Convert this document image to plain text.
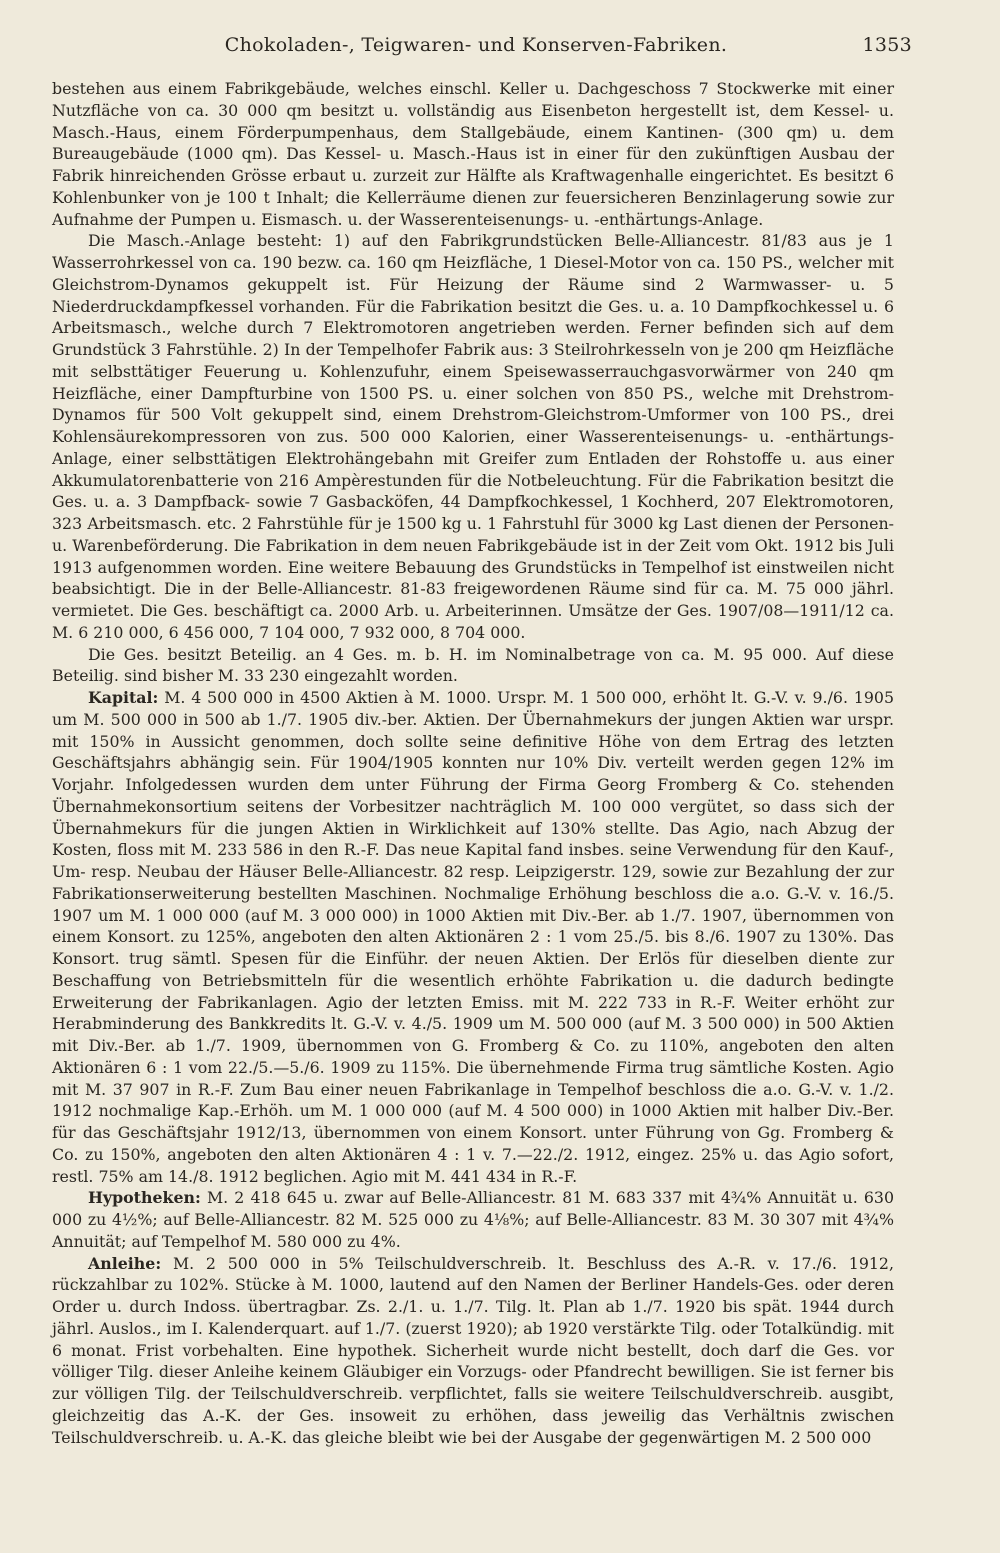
Chokoladen-, Teigwaren- und Konserven-Fabriken.	1353

bestehen aus einem Fabrikgebäude, welches einschl. Keller u. Dachgeschoss 7 Stockwerke mit einer Nutzfläche von ca. 30 000 qm besitzt u. vollständig aus Eisenbeton hergestellt ist, dem Kessel- u. Masch.-Haus, einem Förderpumpenhaus, dem Stallgebäude, einem Kantinen- (300 qm) u. dem Bureaugebäude (1000 qm). Das Kessel- u. Masch.-Haus ist in einer für den zukünftigen Ausbau der Fabrik hinreichenden Grösse erbaut u. zurzeit zur Hälfte als Kraftwagenhalle eingerichtet. Es besitzt 6 Kohlenbunker von je 100 t Inhalt; die Kellerräume dienen zur feuersicheren Benzinlagerung sowie zur Aufnahme der Pumpen u. Eismasch. u. der Wasserenteisenungs- u. -enthärtungs-Anlage.

Die Masch.-Anlage besteht: 1) auf den Fabrikgrundstücken Belle-Alliancestr. 81/83 aus je 1 Wasserrohrkessel von ca. 190 bezw. ca. 160 qm Heizfläche, 1 Diesel-Motor von ca. 150 PS., welcher mit Gleichstrom-Dynamos gekuppelt ist. Für Heizung der Räume sind 2 Warmwasser- u. 5 Niederdruckdampfkessel vorhanden. Für die Fabrikation besitzt die Ges. u. a. 10 Dampfkochkessel u. 6 Arbeitsmasch., welche durch 7 Elektromotoren angetrieben werden. Ferner befinden sich auf dem Grundstück 3 Fahrstühle. 2) In der Tempelhofer Fabrik aus: 3 Steilrohrkesseln von je 200 qm Heizfläche mit selbsttätiger Feuerung u. Kohlenzufuhr, einem Speisewasserrauchgasvorwärmer von 240 qm Heizfläche, einer Dampfturbine von 1500 PS. u. einer solchen von 850 PS., welche mit Drehstrom-Dynamos für 500 Volt gekuppelt sind, einem Drehstrom-Gleichstrom-Umformer von 100 PS., drei Kohlensäurekompressoren von zus. 500 000 Kalorien, einer Wasserenteisenungs- u. -enthärtungs-Anlage, einer selbsttätigen Elektrohängebahn mit Greifer zum Entladen der Rohstoffe u. aus einer Akkumulatorenbatterie von 216 Ampèrestunden für die Notbeleuchtung. Für die Fabrikation besitzt die Ges. u. a. 3 Dampfback- sowie 7 Gasbacköfen, 44 Dampfkochkessel, 1 Kochherd, 207 Elektromotoren, 323 Arbeitsmasch. etc. 2 Fahrstühle für je 1500 kg u. 1 Fahrstuhl für 3000 kg Last dienen der Personen- u. Warenbeförderung. Die Fabrikation in dem neuen Fabrikgebäude ist in der Zeit vom Okt. 1912 bis Juli 1913 aufgenommen worden. Eine weitere Bebauung des Grundstücks in Tempelhof ist einstweilen nicht beabsichtigt. Die in der Belle-Alliancestr. 81-83 freigewordenen Räume sind für ca. M. 75 000 jährl. vermietet. Die Ges. beschäftigt ca. 2000 Arb. u. Arbeiterinnen. Umsätze der Ges. 1907/08—1911/12 ca. M. 6 210 000, 6 456 000, 7 104 000, 7 932 000, 8 704 000.

Die Ges. besitzt Beteilig. an 4 Ges. m. b. H. im Nominalbetrage von ca. M. 95 000. Auf diese Beteilig. sind bisher M. 33 230 eingezahlt worden.

Kapital: M. 4 500 000 in 4500 Aktien à M. 1000. Urspr. M. 1 500 000, erhöht lt. G.-V. v. 9./6. 1905 um M. 500 000 in 500 ab 1./7. 1905 div.-ber. Aktien. Der Übernahmekurs der jungen Aktien war urspr. mit 150% in Aussicht genommen, doch sollte seine definitive Höhe von dem Ertrag des letzten Geschäftsjahrs abhängig sein. Für 1904/1905 konnten nur 10% Div. verteilt werden gegen 12% im Vorjahr. Infolgedessen wurden dem unter Führung der Firma Georg Fromberg & Co. stehenden Übernahmekonsortium seitens der Vorbesitzer nachträglich M. 100 000 vergütet, so dass sich der Übernahmekurs für die jungen Aktien in Wirklichkeit auf 130% stellte. Das Agio, nach Abzug der Kosten, floss mit M. 233 586 in den R.-F. Das neue Kapital fand insbes. seine Verwendung für den Kauf-, Um- resp. Neubau der Häuser Belle-Alliancestr. 82 resp. Leipzigerstr. 129, sowie zur Bezahlung der zur Fabrikationserweiterung bestellten Maschinen. Nochmalige Erhöhung beschloss die a.o. G.-V. v. 16./5. 1907 um M. 1 000 000 (auf M. 3 000 000) in 1000 Aktien mit Div.-Ber. ab 1./7. 1907, übernommen von einem Konsort. zu 125%, angeboten den alten Aktionären 2 : 1 vom 25./5. bis 8./6. 1907 zu 130%. Das Konsort. trug sämtl. Spesen für die Einführ. der neuen Aktien. Der Erlös für dieselben diente zur Beschaffung von Betriebsmitteln für die wesentlich erhöhte Fabrikation u. die dadurch bedingte Erweiterung der Fabrikanlagen. Agio der letzten Emiss. mit M. 222 733 in R.-F. Weiter erhöht zur Herabminderung des Bankkredits lt. G.-V. v. 4./5. 1909 um M. 500 000 (auf M. 3 500 000) in 500 Aktien mit Div.-Ber. ab 1./7. 1909, übernommen von G. Fromberg & Co. zu 110%, angeboten den alten Aktionären 6 : 1 vom 22./5.—5./6. 1909 zu 115%. Die übernehmende Firma trug sämtliche Kosten. Agio mit M. 37 907 in R.-F. Zum Bau einer neuen Fabrikanlage in Tempelhof beschloss die a.o. G.-V. v. 1./2. 1912 nochmalige Kap.-Erhöh. um M. 1 000 000 (auf M. 4 500 000) in 1000 Aktien mit halber Div.-Ber. für das Geschäftsjahr 1912/13, übernommen von einem Konsort. unter Führung von Gg. Fromberg & Co. zu 150%, angeboten den alten Aktionären 4 : 1 v. 7.—22./2. 1912, eingez. 25% u. das Agio sofort, restl. 75% am 14./8. 1912 beglichen. Agio mit M. 441 434 in R.-F.

Hypotheken: M. 2 418 645 u. zwar auf Belle-Alliancestr. 81 M. 683 337 mit 4¾% Annuität u. 630 000 zu 4½%; auf Belle-Alliancestr. 82 M. 525 000 zu 4⅛%; auf Belle-Alliancestr. 83 M. 30 307 mit 4¾% Annuität; auf Tempelhof M. 580 000 zu 4%.

Anleihe: M. 2 500 000 in 5% Teilschuldverschreib. lt. Beschluss des A.-R. v. 17./6. 1912, rückzahlbar zu 102%. Stücke à M. 1000, lautend auf den Namen der Berliner Handels-Ges. oder deren Order u. durch Indoss. übertragbar. Zs. 2./1. u. 1./7. Tilg. lt. Plan ab 1./7. 1920 bis spät. 1944 durch jährl. Auslos., im I. Kalenderquart. auf 1./7. (zuerst 1920); ab 1920 verstärkte Tilg. oder Totalkündig. mit 6 monat. Frist vorbehalten. Eine hypothek. Sicherheit wurde nicht bestellt, doch darf die Ges. vor völliger Tilg. dieser Anleihe keinem Gläubiger ein Vorzugs- oder Pfandrecht bewilligen. Sie ist ferner bis zur völligen Tilg. der Teilschuldverschreib. verpflichtet, falls sie weitere Teilschuldverschreib. ausgibt, gleichzeitig das A.-K. der Ges. insoweit zu erhöhen, dass jeweilig das Verhältnis zwischen Teilschuldverschreib. u. A.-K. das gleiche bleibt wie bei der Ausgabe der gegenwärtigen M. 2 500 000
